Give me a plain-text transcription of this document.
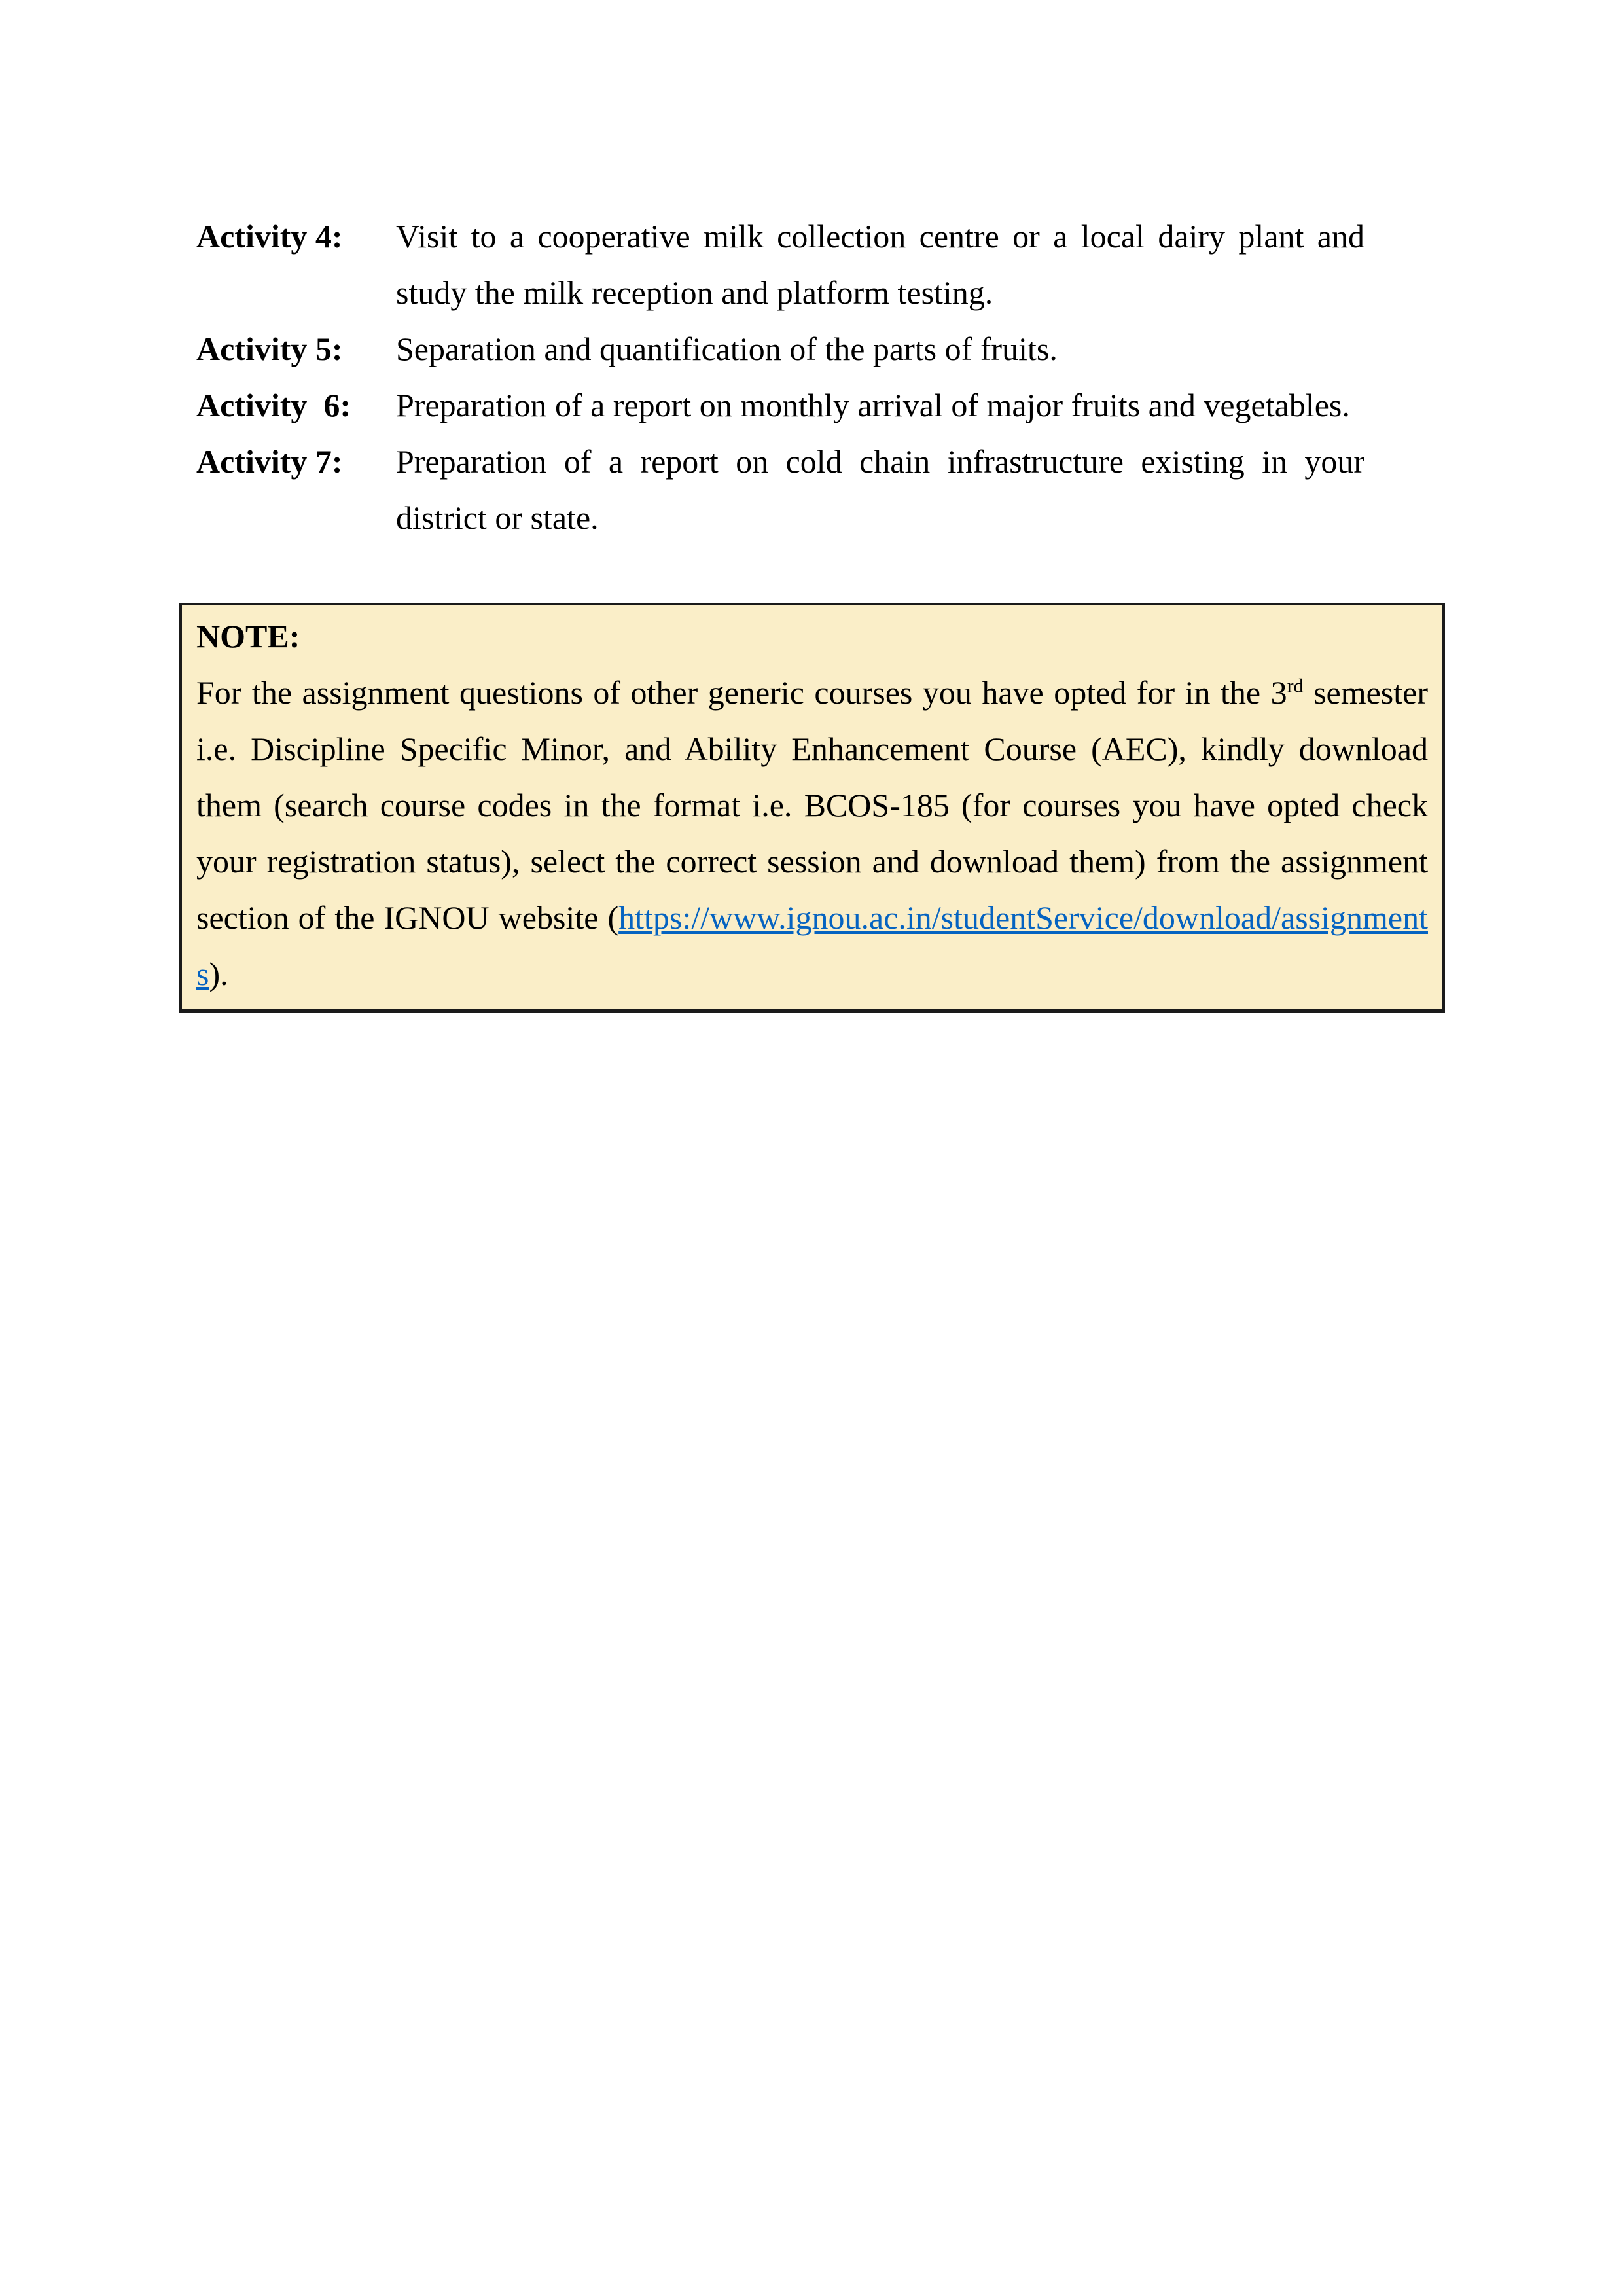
Activity 4:	Visit to a cooperative milk collection centre or a local dairy plant and study the milk reception and platform testing.
Activity 5:	Separation and quantification of the parts of fruits.
Activity  6:	Preparation of a report on monthly arrival of major fruits and vegetables.
Activity 7:	Preparation of a report on cold chain infrastructure existing in your district or state.
NOTE:

For the assignment questions of other generic courses you have opted for in the 3rd semester i.e. Discipline Specific Minor, and Ability Enhancement Course (AEC), kindly download them (search course codes in the format i.e. BCOS-185 (for courses you have opted check your registration status), select the correct session and download them) from the assignment section of the IGNOU website (https://www.ignou.ac.in/studentService/download/assignments).
